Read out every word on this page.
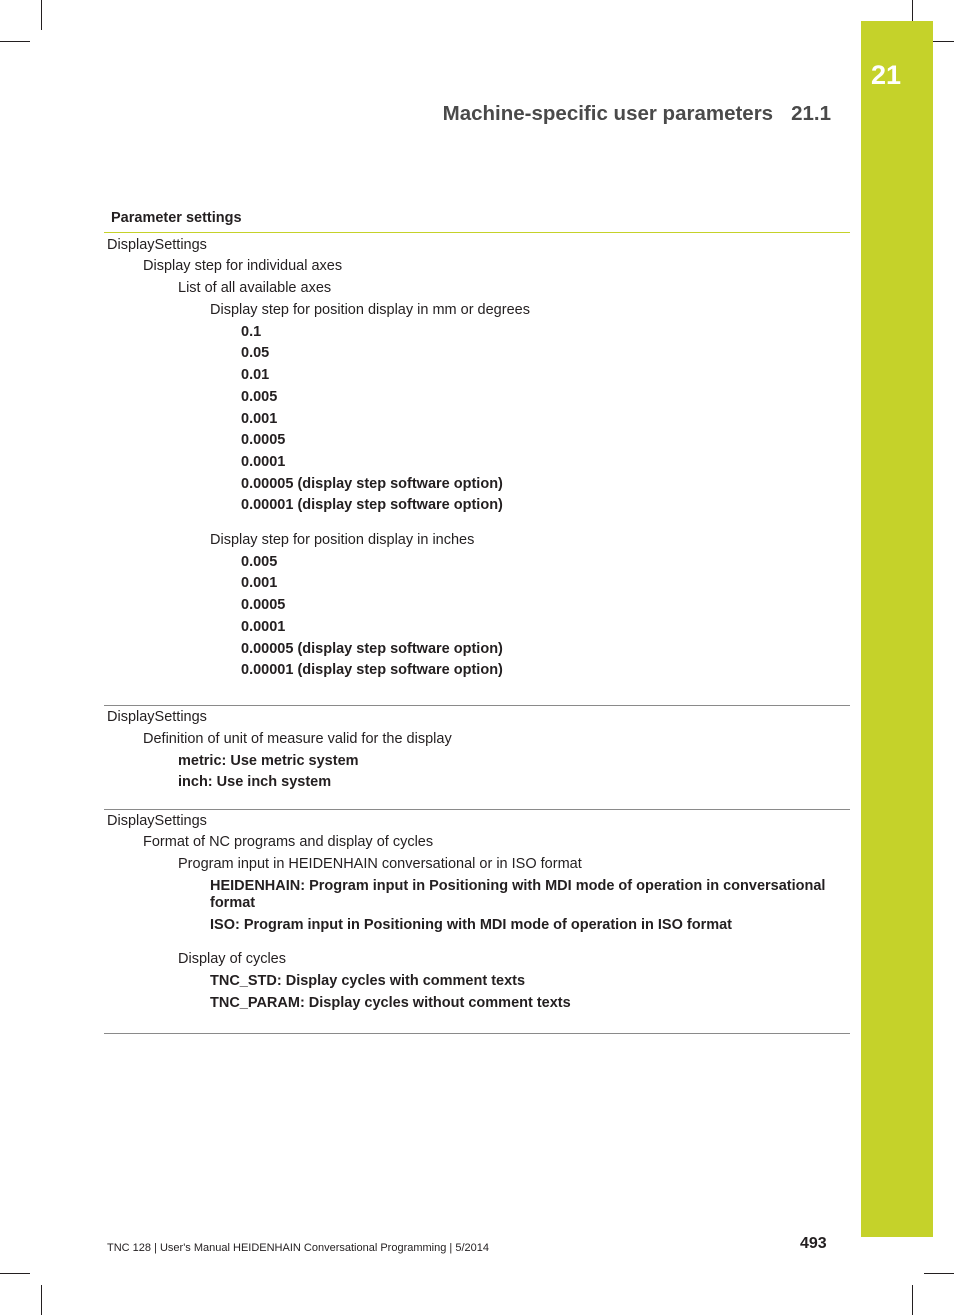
21
Machine-specific user parameters 21.1
Parameter settings
DisplaySettings
Display step for individual axes
List of all available axes
Display step for position display in mm or degrees
0.1
0.05
0.01
0.005
0.001
0.0005
0.0001
0.00005 (display step software option)
0.00001 (display step software option)
Display step for position display in inches
0.005
0.001
0.0005
0.0001
0.00005 (display step software option)
0.00001 (display step software option)
DisplaySettings
Definition of unit of measure valid for the display
metric: Use metric system
inch: Use inch system
DisplaySettings
Format of NC programs and display of cycles
Program input in HEIDENHAIN conversational or in ISO format
HEIDENHAIN: Program input in Positioning with MDI mode of operation in conversational
format
ISO: Program input in Positioning with MDI mode of operation in ISO format
Display of cycles
TNC_STD: Display cycles with comment texts
TNC_PARAM: Display cycles without comment texts
TNC 128 | User's Manual HEIDENHAIN Conversational Programming | 5/2014	493
